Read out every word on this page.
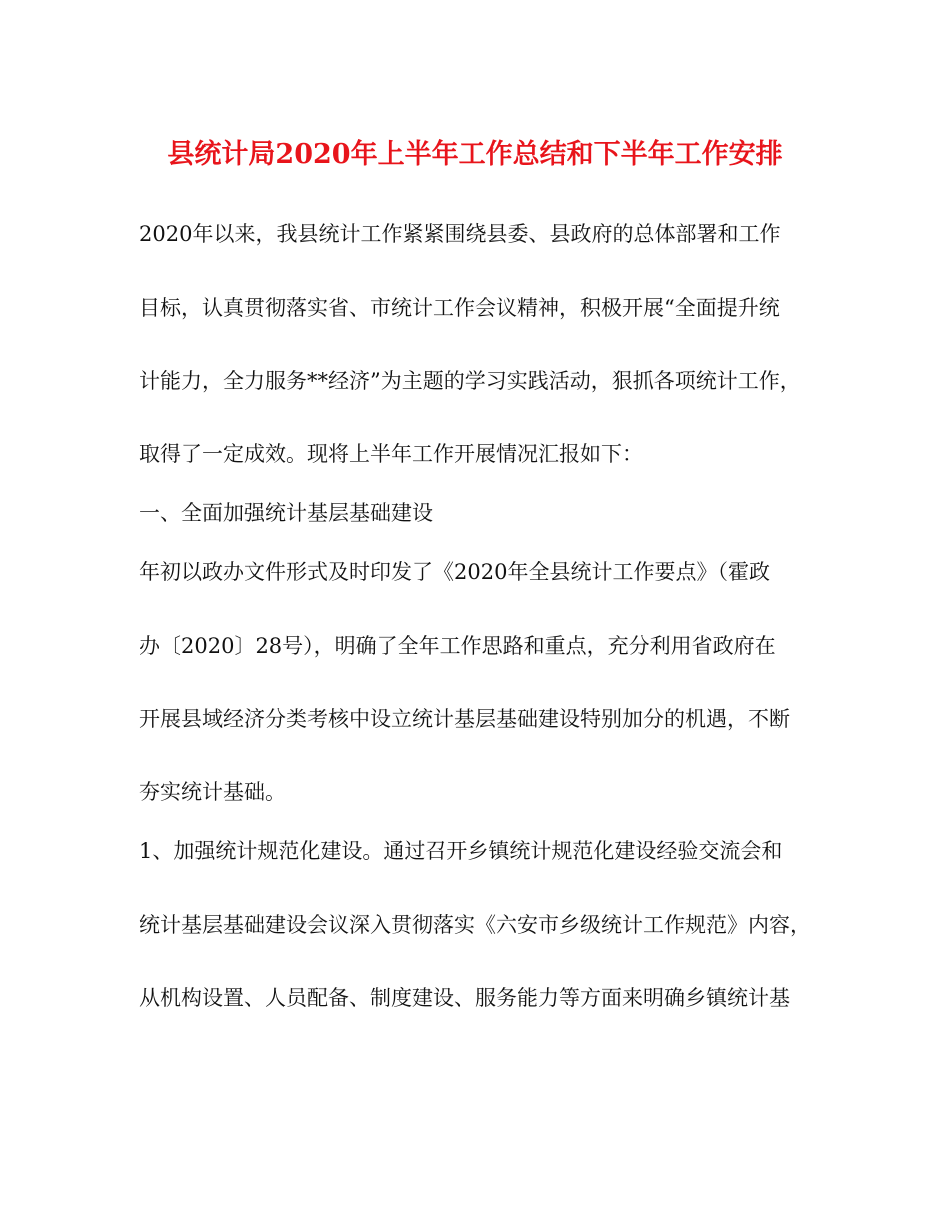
县统计局2020年上半年工作总结和下半年工作安排
2020年以来，我县统计工作紧紧围绕县委、县政府的总体部署和工作
目标，认真贯彻落实省、市统计工作会议精神，积极开展“全面提升统
计能力，全力服务**经济”为主题的学习实践活动，狠抓各项统计工作，
取得了一定成效。现将上半年工作开展情况汇报如下：
一、全面加强统计基层基础建设
年初以政办文件形式及时印发了《2020年全县统计工作要点》（霍政
办〔2020〕28号），明确了全年工作思路和重点，充分利用省政府在
开展县域经济分类考核中设立统计基层基础建设特别加分的机遇，不断
夯实统计基础。
1、加强统计规范化建设。通过召开乡镇统计规范化建设经验交流会和
统计基层基础建设会议深入贯彻落实《六安市乡级统计工作规范》内容，
从机构设置、人员配备、制度建设、服务能力等方面来明确乡镇统计基
